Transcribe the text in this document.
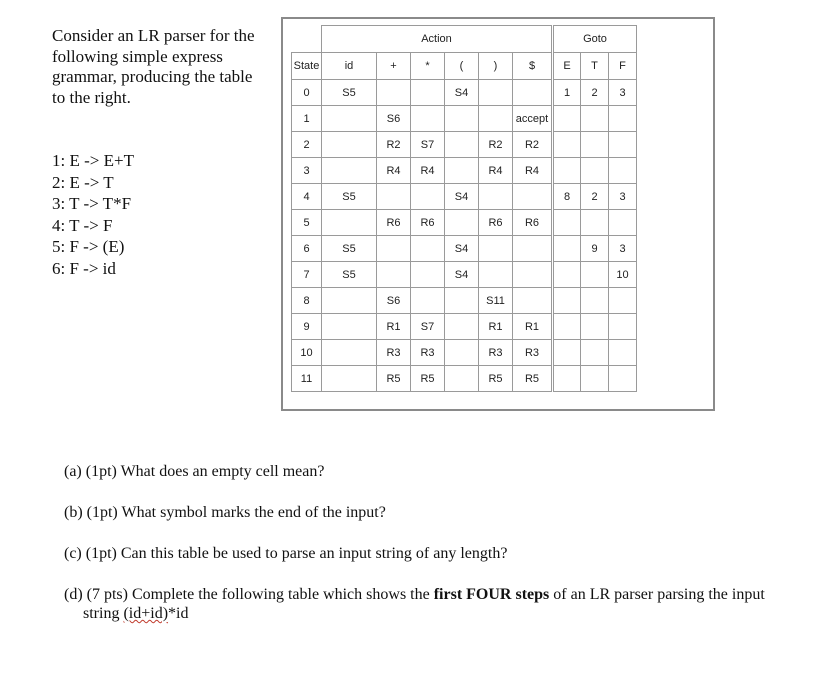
Consider an LR parser for the following simple express grammar, producing the table to the right.
1: E -> E+T
2: E -> T
3: T -> T*F
4: T -> F
5: F -> (E)
6: F -> id
	Action						Goto		
State	id	+	*	(	)	$	E	T	F
0	S5			S4			1	2	3
1		S6				accept			
2		R2	S7		R2	R2			
3		R4	R4		R4	R4			
4	S5			S4			8	2	3
5		R6	R6		R6	R6			
6	S5			S4				9	3
7	S5			S4					10
8		S6			S11				
9		R1	S7		R1	R1			
10		R3	R3		R3	R3			
11		R5	R5		R5	R5			
(a) (1pt) What does an empty cell mean?
(b) (1pt) What symbol marks the end of the input?
(c) (1pt) Can this table be used to parse an input string of any length?
(d) (7 pts) Complete the following table which shows the first FOUR steps of an LR parser parsing the input string (id+id)*id
